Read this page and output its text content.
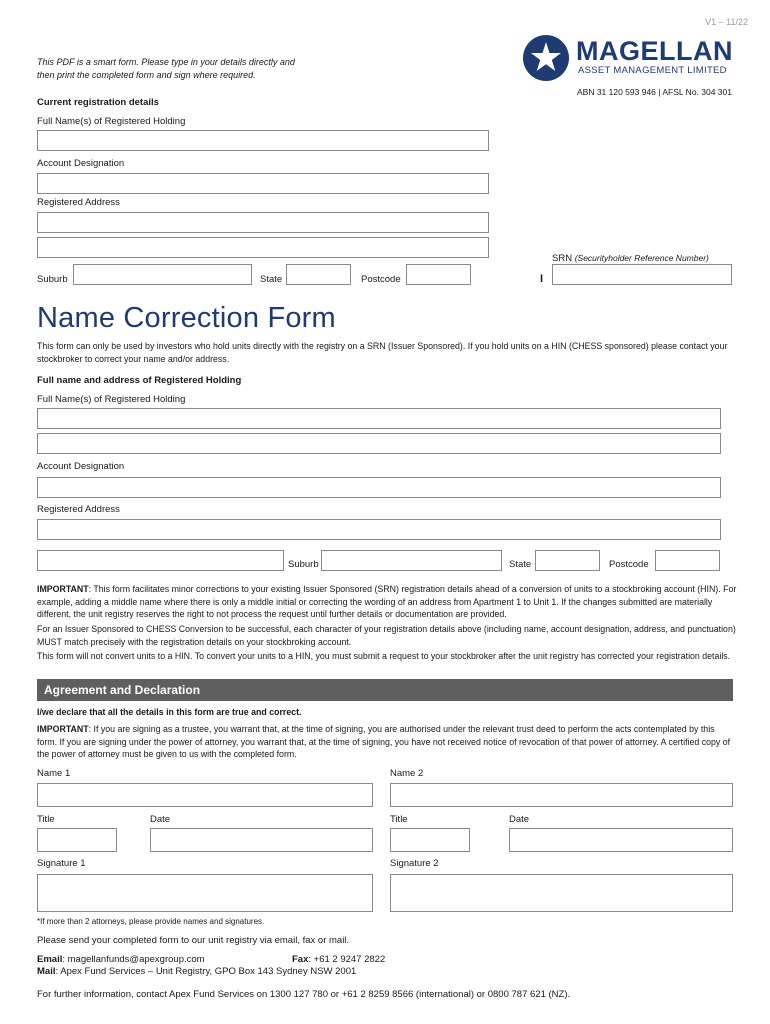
V1 – 11/22
This PDF is a smart form. Please type in your details directly and
then print the completed form and sign where required.
MAGELLAN
ASSET MANAGEMENT LIMITED
ABN 31 120 593 946 | AFSL No. 304 301
Current registration details
Full Name(s) of Registered Holding
Account Designation
Registered Address
SRN (Securityholder Reference Number)
Suburb	State	Postcode	I
Name Correction Form
This form can only be used by investors who hold units directly with the registry on a SRN (Issuer Sponsored). If you hold units on a HIN (CHESS sponsored) please contact your stockbroker to correct your name and/or address.
Full name and address of Registered Holding
Full Name(s) of Registered Holding
Account Designation
Registered Address
Suburb	State	Postcode
IMPORTANT: This form facilitates minor corrections to your existing Issuer Sponsored (SRN) registration details ahead of a conversion of units to a stockbroking account (HIN). For example, adding a middle name where there is only a middle initial or correcting the wording of an address from Apartment 1 to Unit 1. If the changes submitted are materially different, the unit registry reserves the right to not process the request until further details or documentation are provided.
For an Issuer Sponsored to CHESS Conversion to be successful, each character of your registration details above (including name, account designation, address, and punctuation) MUST match precisely with the registration details on your stockbroking account.
This form will not convert units to a HIN. To convert your units to a HIN, you must submit a request to your stockbroker after the unit registry has corrected your registration details.
Agreement and Declaration
I/we declare that all the details in this form are true and correct.
IMPORTANT: If you are signing as a trustee, you warrant that, at the time of signing, you are authorised under the relevant trust deed to perform the acts contemplated by this form. If you are signing under the power of attorney, you warrant that, at the time of signing, you have not received notice of revocation of that power of attorney. A certified copy of the power of attorney must be given to us with the completed form.
Name 1	Name 2
Title	Date	Title	Date
Signature 1	Signature 2
*If more than 2 attorneys, please provide names and signatures.
Please send your completed form to our unit registry via email, fax or mail.
Email: magellanfunds@apexgroup.com	Fax: +61 2 9247 2822
Mail: Apex Fund Services – Unit Registry, GPO Box 143 Sydney NSW 2001
For further information, contact Apex Fund Services on 1300 127 780 or +61 2 8259 8566 (international) or 0800 787 621 (NZ).
